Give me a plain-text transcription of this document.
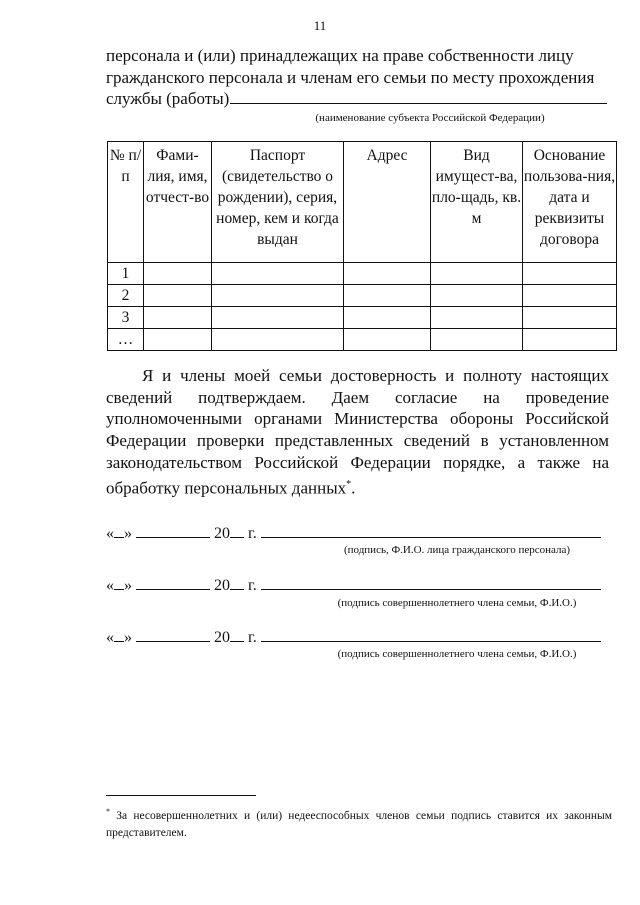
11
персонала и (или) принадлежащих на праве собственности лицу
гражданского персонала и членам его семьи по месту прохождения
службы (работы)
(наименование субъекта Российской Федерации)
№ п/п	Фами-лия, имя, отчест-во	Паспорт (свидетельство о рождении), серия, номер, кем и когда выдан	Адрес	Вид имущест-ва, пло-щадь, кв. м	Основание пользова-ния, дата и реквизиты договора
1					
2					
3					
…					
Я и члены моей семьи достоверность и полноту настоящих сведений подтверждаем. Даем согласие на проведение уполномоченными органами Министерства обороны Российской Федерации проверки представленных сведений в установленном законодательством Российской Федерации порядке, а также на обработку персональных данных*.
« »	20 г.
(подпись, Ф.И.О. лица гражданского персонала)
« »	20 г.
(подпись совершеннолетнего члена семьи, Ф.И.О.)
« »	20 г.
(подпись совершеннолетнего члена семьи, Ф.И.О.)
* За несовершеннолетних и (или) недееспособных членов семьи подпись ставится их законным представителем.
